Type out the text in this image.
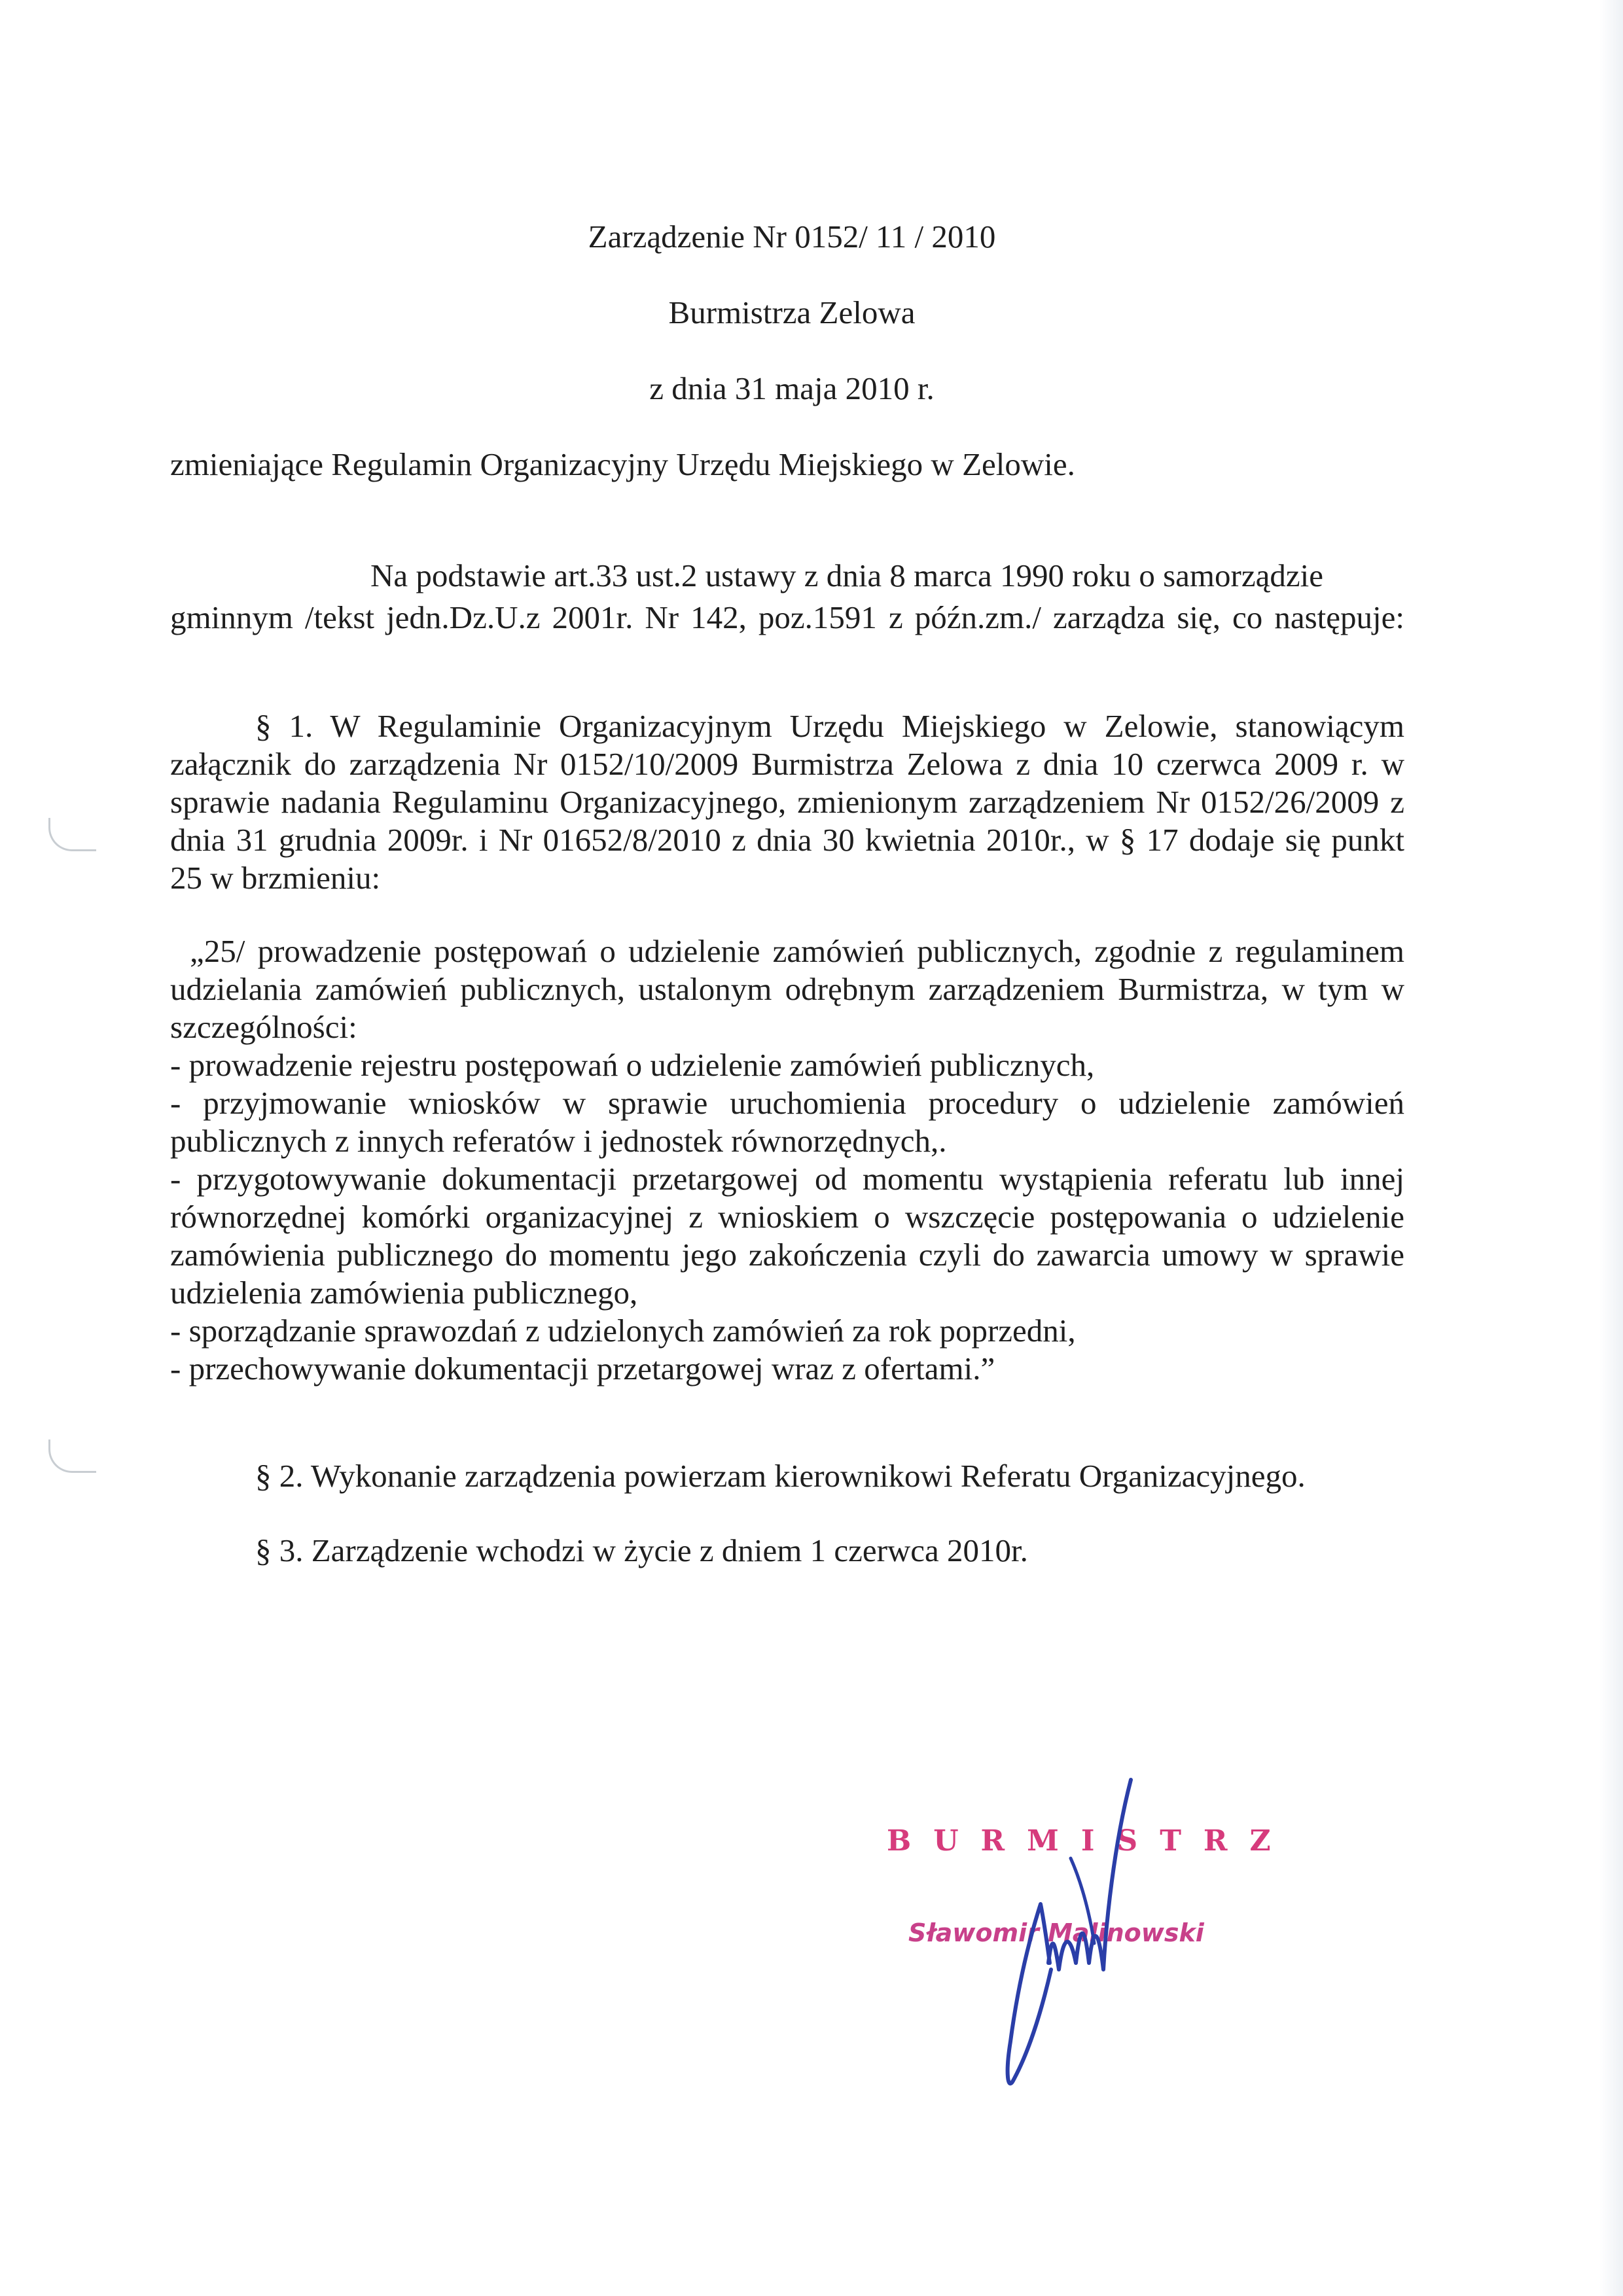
Zarządzenie Nr 0152/ 11 / 2010
Burmistrza Zelowa
z dnia 31 maja 2010 r.
zmieniające Regulamin Organizacyjny Urzędu Miejskiego w Zelowie.
Na podstawie art.33 ust.2 ustawy z dnia 8 marca 1990 roku o samorządzie
gminnym /tekst jedn.Dz.U.z 2001r. Nr 142, poz.1591 z późn.zm./ zarządza się, co następuje:
§ 1. W Regulaminie Organizacyjnym Urzędu Miejskiego w Zelowie, stanowiącym
załącznik do zarządzenia Nr 0152/10/2009 Burmistrza Zelowa z dnia 10 czerwca 2009 r. w
sprawie nadania Regulaminu Organizacyjnego, zmienionym zarządzeniem Nr 0152/26/2009 z
dnia 31 grudnia 2009r. i Nr 01652/8/2010 z dnia 30 kwietnia 2010r., w § 17 dodaje się punkt
25 w brzmieniu:
„25/ prowadzenie postępowań o udzielenie zamówień publicznych, zgodnie z regulaminem
udzielania zamówień publicznych, ustalonym odrębnym zarządzeniem Burmistrza, w tym w
szczególności:
- prowadzenie rejestru postępowań o udzielenie zamówień publicznych,
- przyjmowanie wniosków w sprawie uruchomienia procedury o udzielenie zamówień
publicznych z innych referatów i jednostek równorzędnych,.
- przygotowywanie dokumentacji przetargowej od momentu wystąpienia referatu lub innej
równorzędnej komórki organizacyjnej z wnioskiem o wszczęcie postępowania o udzielenie
zamówienia publicznego do momentu jego zakończenia czyli do zawarcia umowy w sprawie
udzielenia zamówienia publicznego,
- sporządzanie sprawozdań z udzielonych zamówień za rok poprzedni,
- przechowywanie dokumentacji przetargowej wraz z ofertami.”
§ 2. Wykonanie zarządzenia powierzam kierownikowi Referatu Organizacyjnego.
§ 3. Zarządzenie wchodzi w życie z dniem 1 czerwca 2010r.
BURMISTRZ
Sławomir Malinowski
